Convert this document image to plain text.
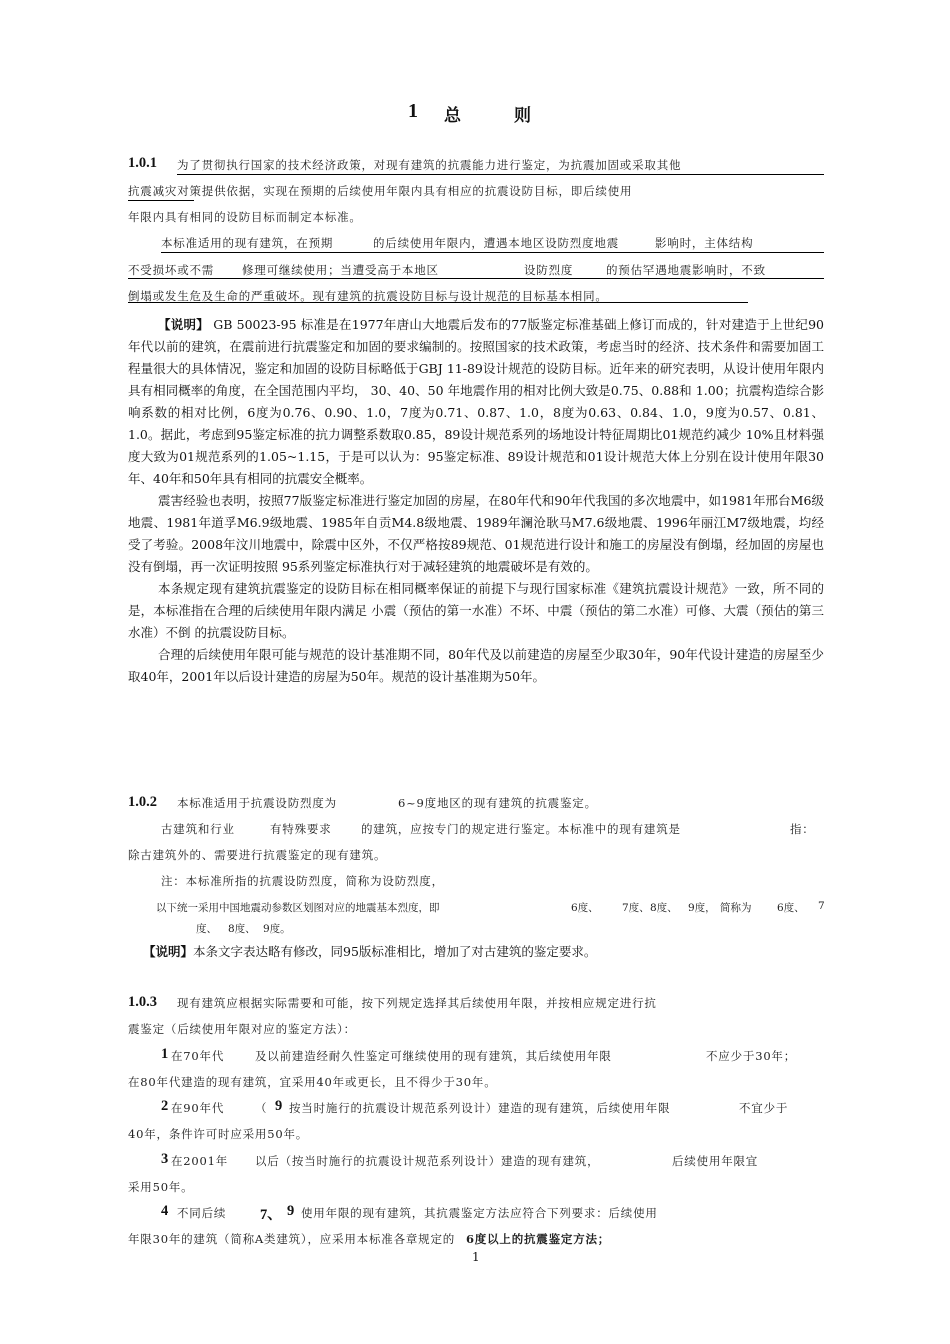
1 总	则
1.0.1 为了贯彻执行国家的技术经济政策，对现有建筑的抗震能力进行鉴定，为抗震加固或采取其他
抗震减灾对策提供依据，实现在预期的后续使用年限内具有相应的抗震设防目标，即后续使用
年限内具有相同的设防目标而制定本标准。
本标准适用的现有建筑，在预期	的后续使用年限内，遭遇本地区设防烈度地震	影响时，主体结构
不受损坏或不需 修理可继续使用；当遭受高于本地区	设防烈度	的预估罕遇地震影响时，不致
倒塌或发生危及生命的严重破坏。现有建筑的抗震设防目标与设计规范的目标基本相同。

【说明】 GB 50023-95 标准是在1977年唐山大地震后发布的77版鉴定标准基础上修订而成的，针对建造于上世纪90年代以前的建筑，在震前进行抗震鉴定和加固的要求编制的。按照国家的技术政策，考虑当时的经济、技术条件和需要加固工程量很大的具体情况，鉴定和加固的设防目标略低于GBJ 11-89设计规范的设防目标。近年来的研究表明，从设计使用年限内具有相同概率的角度，在全国范围内平均， 30、40、50 年地震作用的相对比例大致是0.75、0.88和 1.00；抗震构造综合影响系数的相对比例，6度为0.76、0.90、1.0，7度为0.71、0.87、1.0，8度为0.63、0.84、1.0，9度为0.57、0.81、1.0。据此，考虑到95鉴定标准的抗力调整系数取0.85，89设计规范系列的场地设计特征周期比01规范约减少 10%且材料强度大致为01规范系列的1.05~1.15，于是可以认为：95鉴定标准、89设计规范和01设计规范大体上分别在设计使用年限30年、40年和50年具有相同的抗震安全概率。

震害经验也表明，按照77版鉴定标准进行鉴定加固的房屋，在80年代和90年代我国的多次地震中，如1981年邢台M6级地震、1981年道孚M6.9级地震、1985年自贡M4.8级地震、1989年澜沧耿马M7.6级地震、1996年丽江M7级地震，均经受了考验。2008年汶川地震中，除震中区外，不仅严格按89规范、01规范进行设计和施工的房屋没有倒塌，经加固的房屋也没有倒塌，再一次证明按照 95系列鉴定标准执行对于减轻建筑的地震破坏是有效的。

本条规定现有建筑抗震鉴定的设防目标在相同概率保证的前提下与现行国家标准《建筑抗震设计规范》一致，所不同的是，本标准指在合理的后续使用年限内满足 小震（预估的第一水准）不坏、中震（预估的第二水准）可修、大震（预估的第三水准）不倒 的抗震设防目标。

合理的后续使用年限可能与规范的设计基准期不同，80年代及以前建造的房屋至少取30年，90年代设计建造的房屋至少取40年，2001年以后设计建造的房屋为50年。规范的设计基准期为50年。

1.0.2 本标准适用于抗震设防烈度为	6~9度地区的现有建筑的抗震鉴定。
古建筑和行业	有特殊要求	的建筑，应按专门的规定进行鉴定。本标准中的现有建筑是	指：
除古建筑外的、需要进行抗震鉴定的现有建筑。
注：本标准所指的抗震设防烈度，简称为设防烈度，
以下统一采用中国地震动参数区划图对应的地震基本烈度，即	6度、 7度、 8度、 9度， 简称为 6度、 7
度、 8度、 9度。
【说明】本条文字表达略有修改，同95版标准相比，增加了对古建筑的鉴定要求。
1.0.3 现有建筑应根据实际需要和可能，按下列规定选择其后续使用年限，并按相应规定进行抗
震鉴定（后续使用年限对应的鉴定方法）：
1 在70年代	及以前建造经耐久性鉴定可继续使用的现有建筑，其后续使用年限	不应少于30年；
在80年代建造的现有建筑，宜采用40年或更长，且不得少于30年。
2 在90年代	（ 9 按当时施行的抗震设计规范系列设计）建造的现有建筑，后续使用年限	不宜少于
40年，条件许可时应采用50年。
3 在2001年 以后（按当时施行的抗震设计规范系列设计）建造的现有建筑，	后续使用年限宜
采用50年。
4 不同后续 7、 9 使用年限的现有建筑，其抗震鉴定方法应符合下列要求：后续使用
年限30年的建筑（简称A类建筑），应采用本标准各章规定的 6度以上的抗震鉴定方法；
1
